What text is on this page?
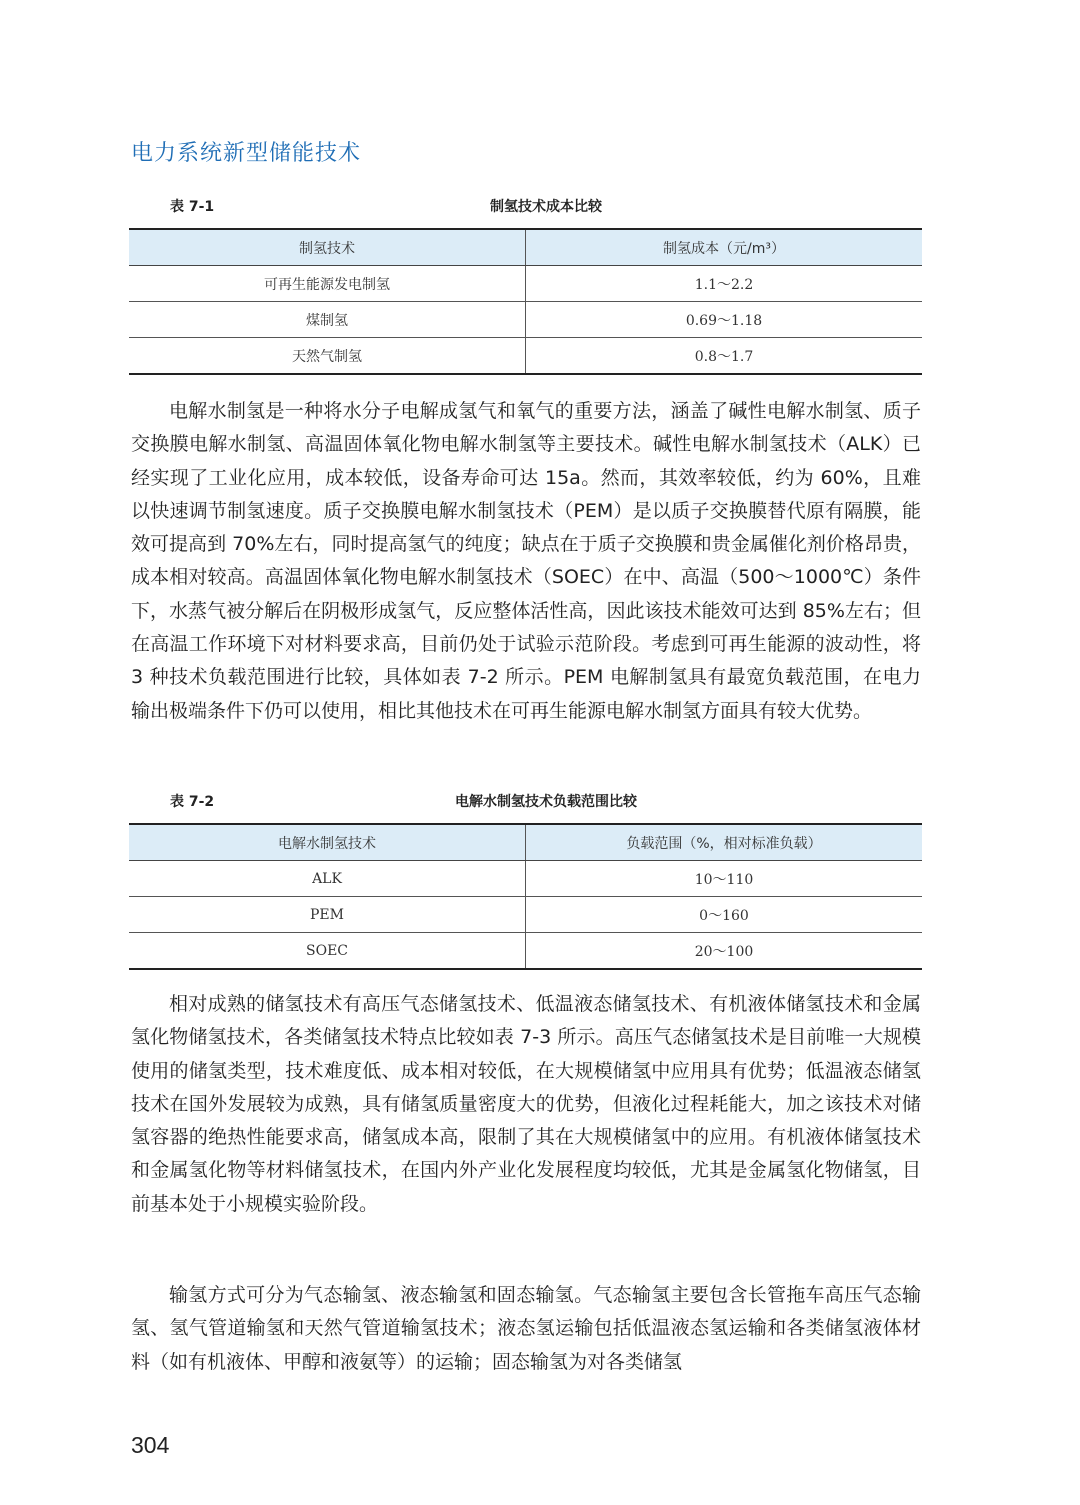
电力系统新型储能技术
表 7-1	制氢技术成本比较
制氢技术	制氢成本（元/m³）
可再生能源发电制氢	1.1～2.2
煤制氢	0.69～1.18
天然气制氢	0.8～1.7

电解水制氢是一种将水分子电解成氢气和氧气的重要方法，涵盖了碱性电解水制氢、质子交换膜电解水制氢、高温固体氧化物电解水制氢等主要技术。碱性电解水制氢技术（ALK）已经实现了工业化应用，成本较低，设备寿命可达 15a。然而，其效率较低，约为 60%，且难以快速调节制氢速度。质子交换膜电解水制氢技术（PEM）是以质子交换膜替代原有隔膜，能效可提高到 70%左右，同时提高氢气的纯度；缺点在于质子交换膜和贵金属催化剂价格昂贵，成本相对较高。高温固体氧化物电解水制氢技术（SOEC）在中、高温（500～1000℃）条件下，水蒸气被分解后在阴极形成氢气，反应整体活性高，因此该技术能效可达到 85%左右；但在高温工作环境下对材料要求高，目前仍处于试验示范阶段。考虑到可再生能源的波动性，将 3 种技术负载范围进行比较，具体如表 7-2 所示。PEM 电解制氢具有最宽负载范围，在电力输出极端条件下仍可以使用，相比其他技术在可再生能源电解水制氢方面具有较大优势。

表 7-2	电解水制氢技术负载范围比较
电解水制氢技术	负载范围（%，相对标准负载）
ALK	10～110
PEM	0～160
SOEC	20～100

相对成熟的储氢技术有高压气态储氢技术、低温液态储氢技术、有机液体储氢技术和金属氢化物储氢技术，各类储氢技术特点比较如表 7-3 所示。高压气态储氢技术是目前唯一大规模使用的储氢类型，技术难度低、成本相对较低，在大规模储氢中应用具有优势；低温液态储氢技术在国外发展较为成熟，具有储氢质量密度大的优势，但液化过程耗能大，加之该技术对储氢容器的绝热性能要求高，储氢成本高，限制了其在大规模储氢中的应用。有机液体储氢技术和金属氢化物等材料储氢技术，在国内外产业化发展程度均较低，尤其是金属氢化物储氢，目前基本处于小规模实验阶段。

输氢方式可分为气态输氢、液态输氢和固态输氢。气态输氢主要包含长管拖车高压气态输氢、氢气管道输氢和天然气管道输氢技术；液态氢运输包括低温液态氢运输和各类储氢液体材料（如有机液体、甲醇和液氨等）的运输；固态输氢为对各类储氢

304
